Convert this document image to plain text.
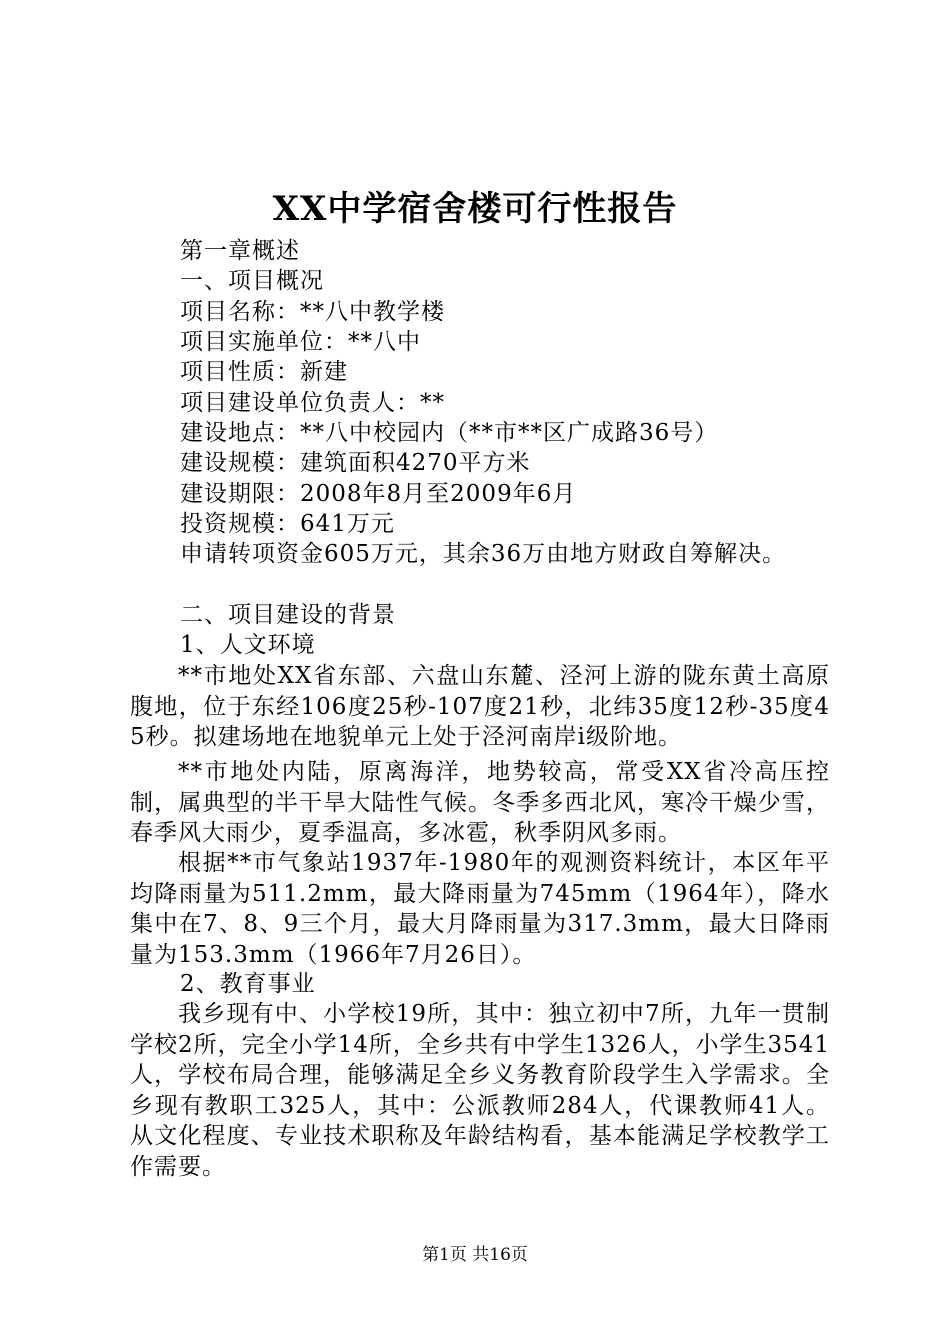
XX中学宿舍楼可行性报告

第一章概述

一、项目概况

项目名称：**八中教学楼

项目实施单位：**八中

项目性质：新建

项目建设单位负责人：**

建设地点：**八中校园内（**市**区广成路36号）

建设规模：建筑面积4270平方米

建设期限：2008年8月至2009年6月

投资规模：641万元

申请转项资金605万元，其余36万由地方财政自筹解决。

二、项目建设的背景

1、人文环境

**市地处XX省东部、六盘山东麓、泾河上游的陇东黄土高原腹地，位于东经106度25秒-107度21秒，北纬35度12秒-35度45秒。拟建场地在地貌单元上处于泾河南岸i级阶地。

**市地处内陆，原离海洋，地势较高，常受XX省冷高压控制，属典型的半干旱大陆性气候。冬季多西北风，寒冷干燥少雪，春季风大雨少，夏季温高，多冰雹，秋季阴风多雨。

根据**市气象站1937年-1980年的观测资料统计，本区年平均降雨量为511.2mm，最大降雨量为745mm（1964年），降水集中在7、8、9三个月，最大月降雨量为317.3mm，最大日降雨量为153.3mm（1966年7月26日）。

2、教育事业

我乡现有中、小学校19所，其中：独立初中7所，九年一贯制学校2所，完全小学14所，全乡共有中学生1326人，小学生3541人，学校布局合理，能够满足全乡义务教育阶段学生入学需求。全乡现有教职工325人，其中：公派教师284人，代课教师41人。从文化程度、专业技术职称及年龄结构看，基本能满足学校教学工作需要。

第1页 共16页
